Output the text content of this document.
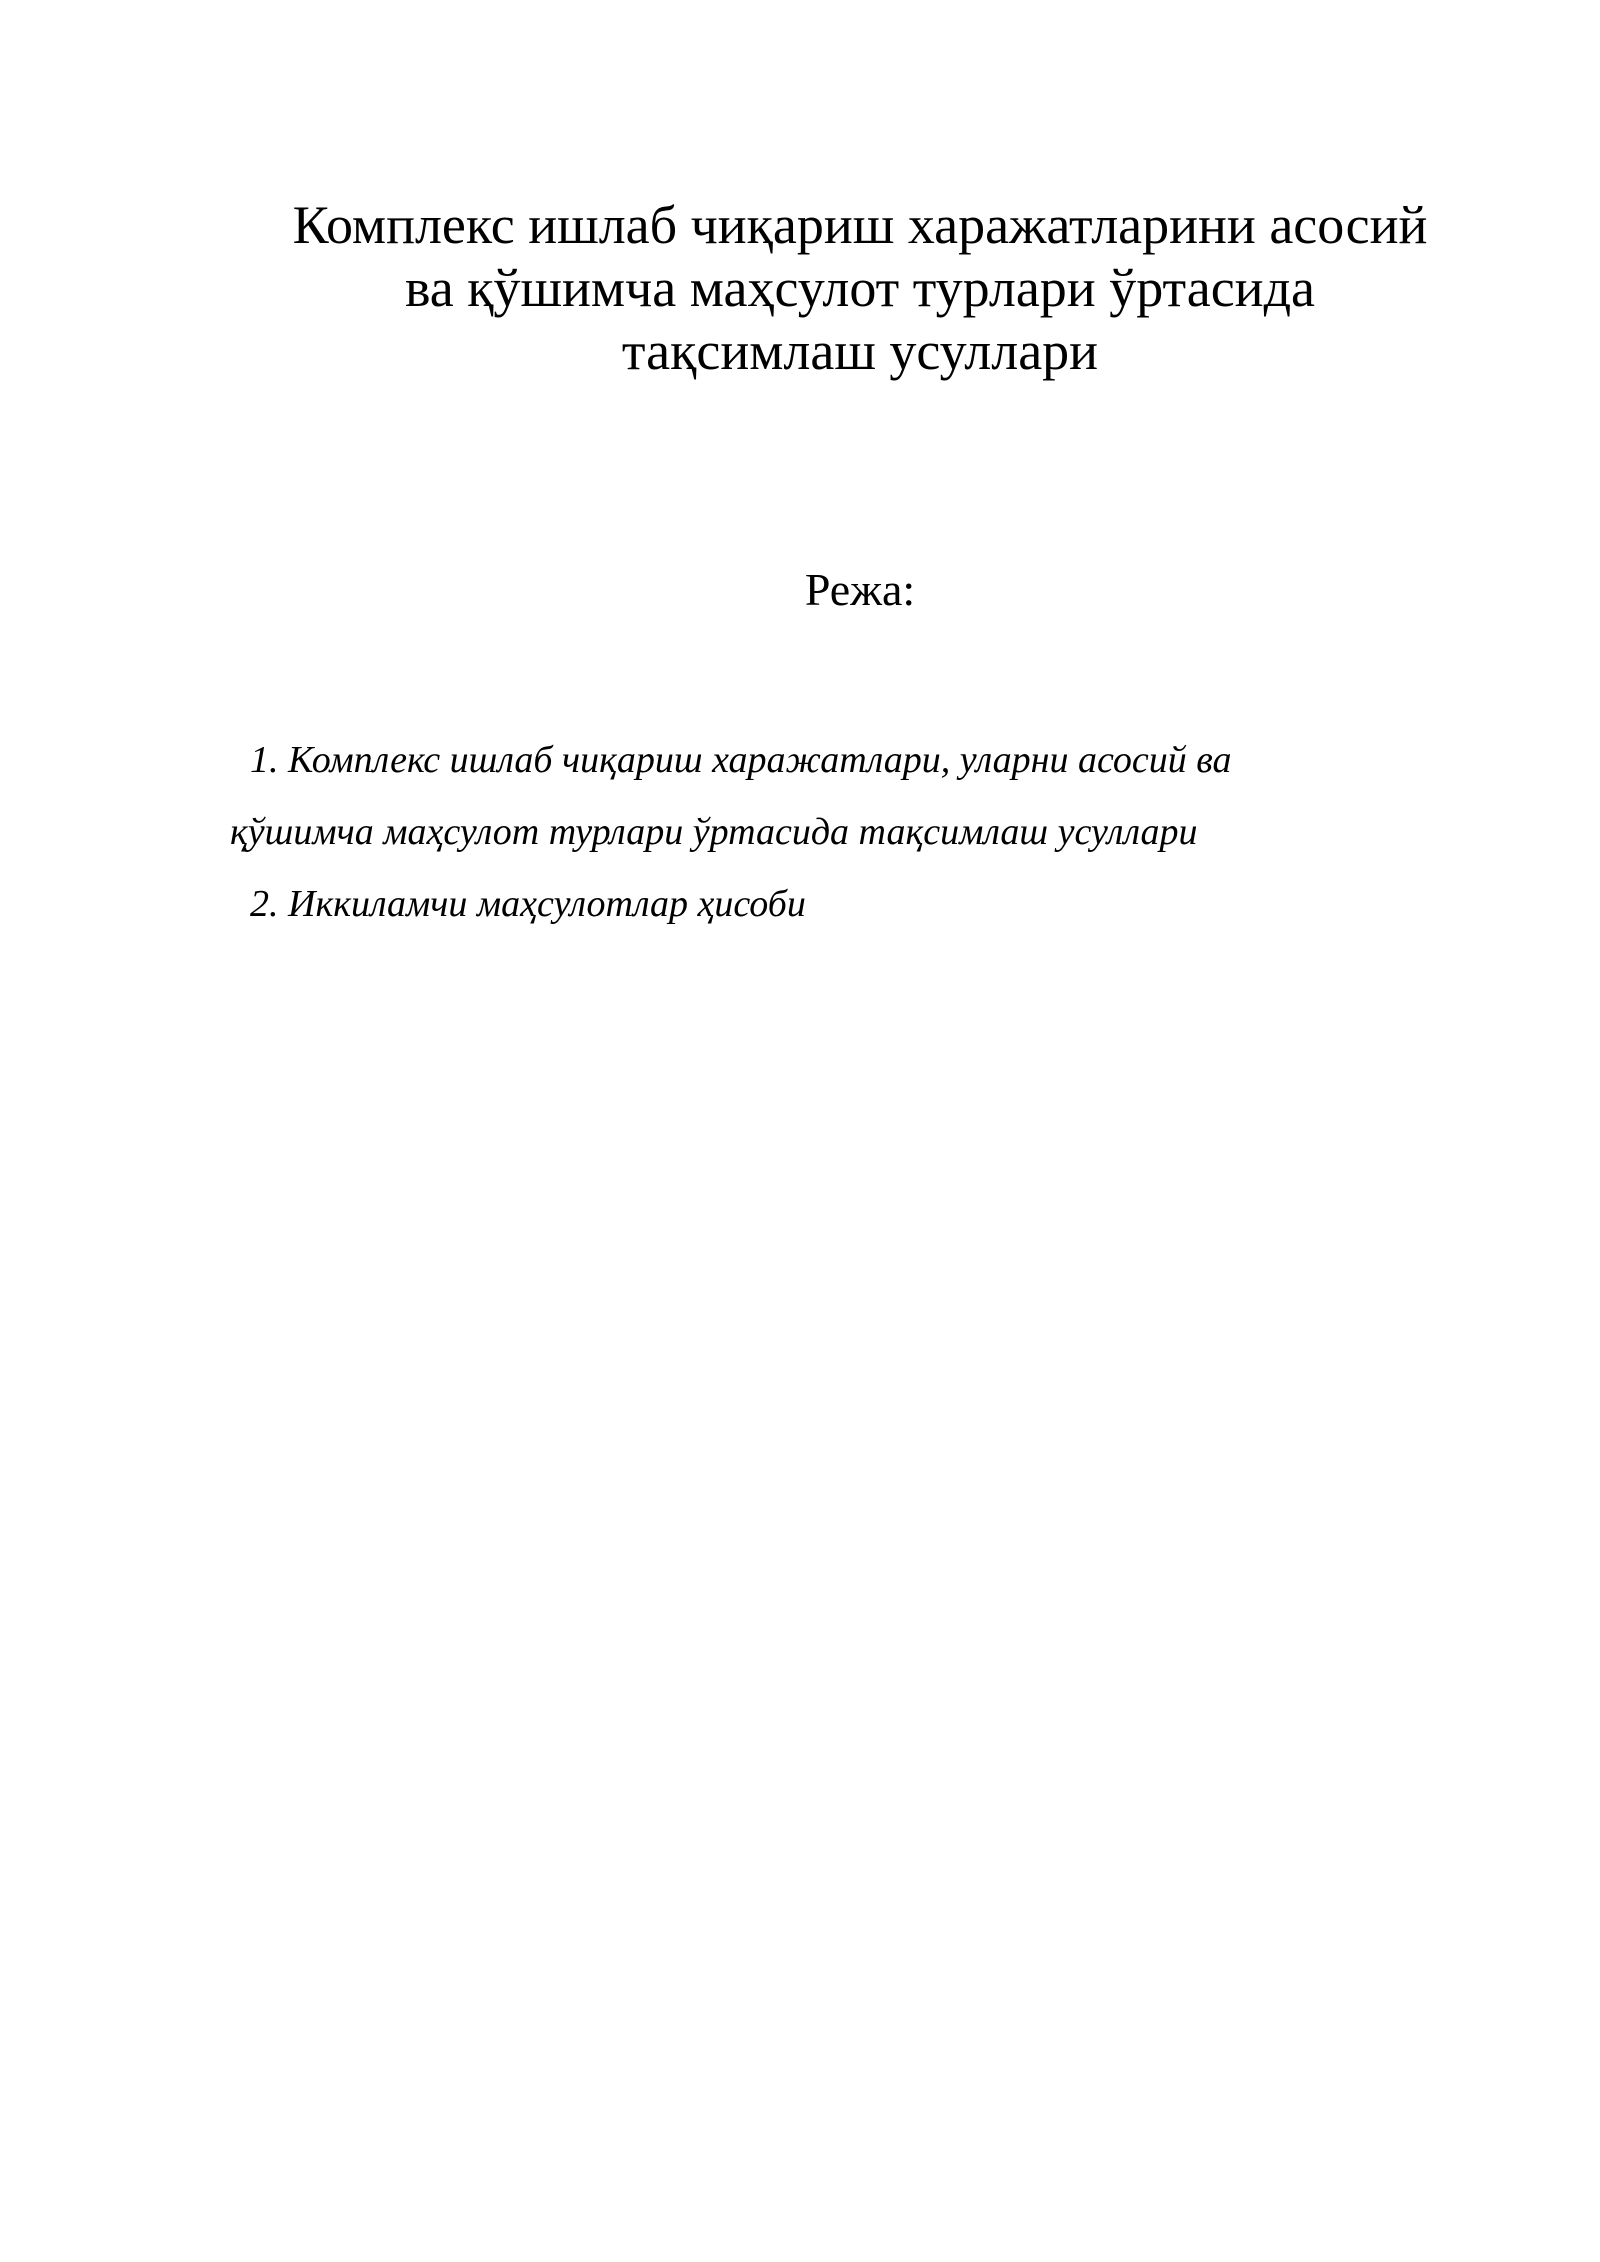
Комплекс ишлаб чиқариш харажатларини асосий
ва қўшимча маҳсулот турлари ўртасида
тақсимлаш усуллари
Режа:
1. Комплекс ишлаб чиқариш харажатлари, уларни асосий ва
қўшимча маҳсулот турлари ўртасида тақсимлаш усуллари
2. Иккиламчи маҳсулотлар ҳисоби
